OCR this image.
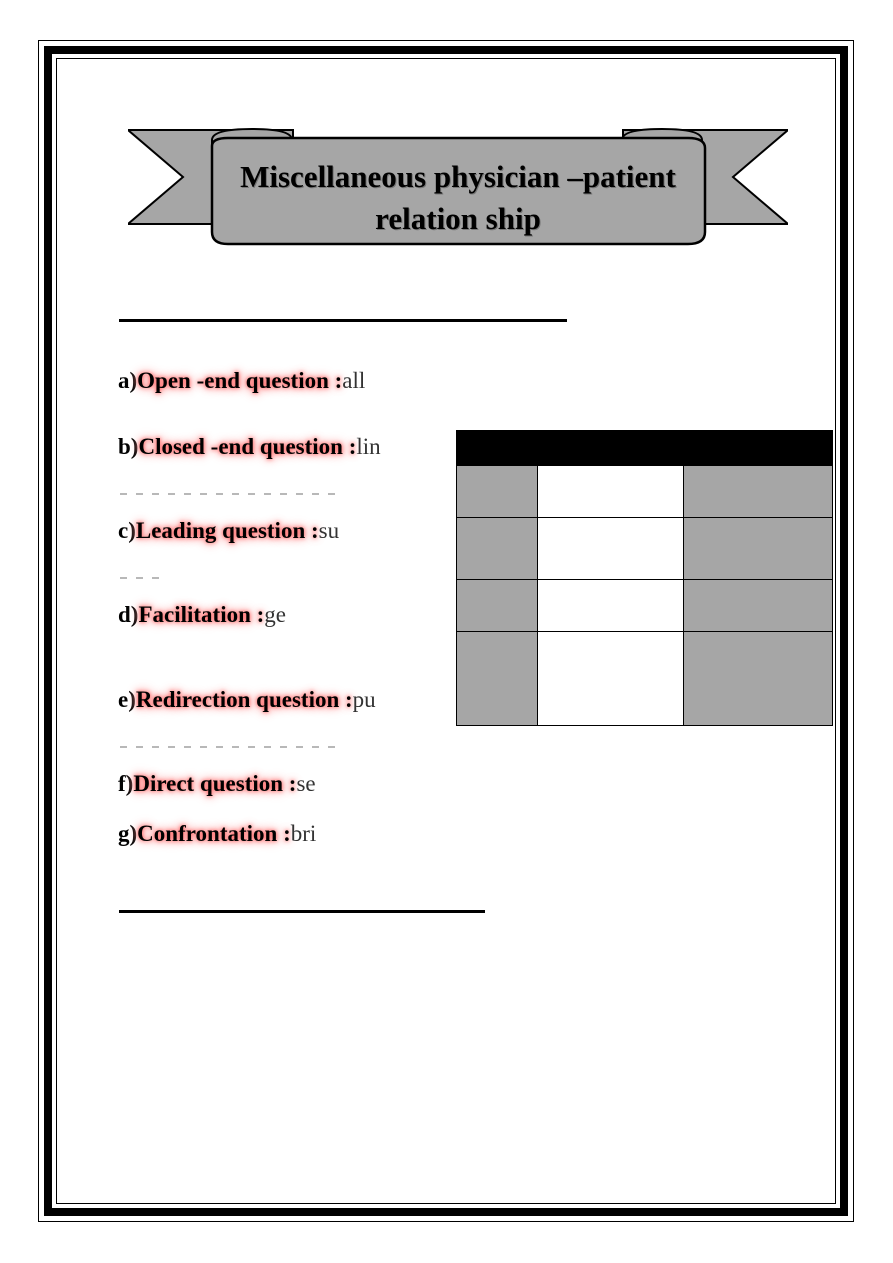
Miscellaneous physician –patient
relation ship
a)Open -end question :all
b)Closed -end question :lin
c)Leading question :su
d)Facilitation :ge
e)Redirection question :pu
f)Direct question :se
g)Confrontation :bri
